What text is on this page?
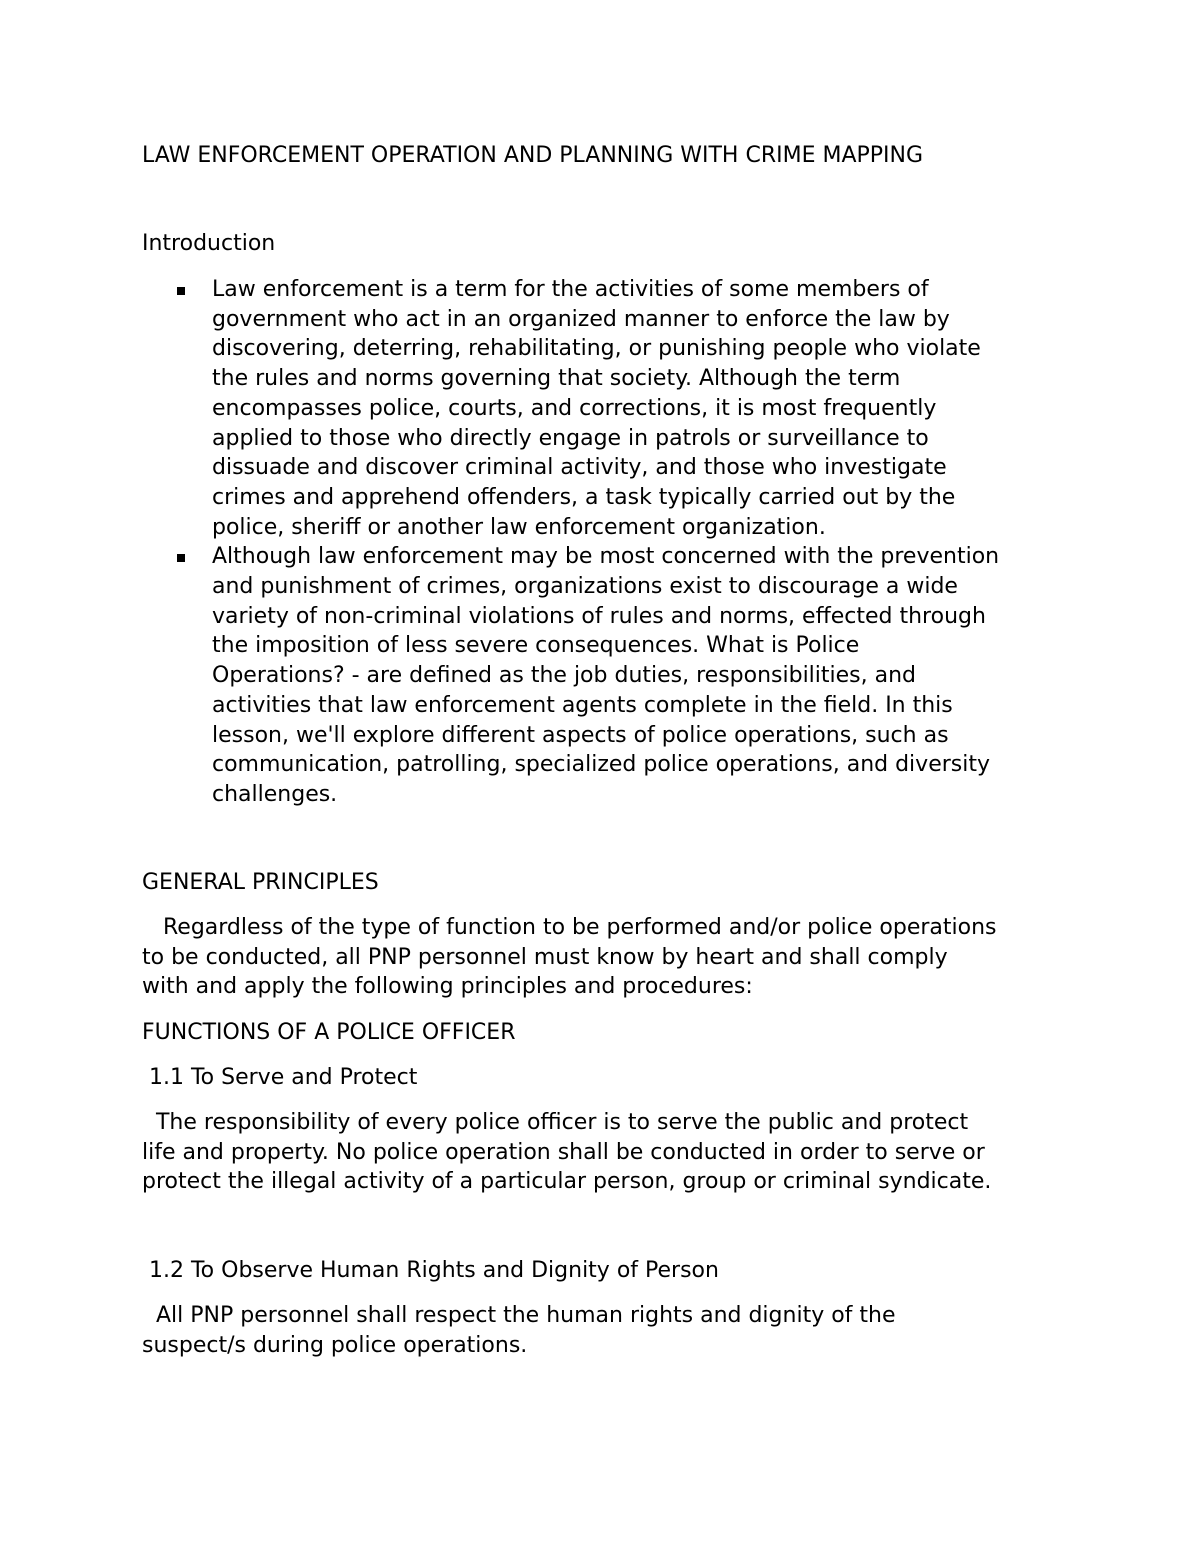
LAW ENFORCEMENT OPERATION AND PLANNING WITH CRIME MAPPING

Introduction

Law enforcement is a term for the activities of some members of
government who act in an organized manner to enforce the law by
discovering, deterring, rehabilitating, or punishing people who violate
the rules and norms governing that society. Although the term
encompasses police, courts, and corrections, it is most frequently
applied to those who directly engage in patrols or surveillance to
dissuade and discover criminal activity, and those who investigate
crimes and apprehend offenders, a task typically carried out by the
police, sheriff or another law enforcement organization.
Although law enforcement may be most concerned with the prevention
and punishment of crimes, organizations exist to discourage a wide
variety of non-criminal violations of rules and norms, effected through
the imposition of less severe consequences. What is Police
Operations? - are defined as the job duties, responsibilities, and
activities that law enforcement agents complete in the field. In this
lesson, we'll explore different aspects of police operations, such as
communication, patrolling, specialized police operations, and diversity
challenges.

GENERAL PRINCIPLES

Regardless of the type of function to be performed and/or police operations
to be conducted, all PNP personnel must know by heart and shall comply
with and apply the following principles and procedures:

FUNCTIONS OF A POLICE OFFICER

1.1 To Serve and Protect

The responsibility of every police officer is to serve the public and protect
life and property. No police operation shall be conducted in order to serve or
protect the illegal activity of a particular person, group or criminal syndicate.

1.2 To Observe Human Rights and Dignity of Person

All PNP personnel shall respect the human rights and dignity of the
suspect/s during police operations.
